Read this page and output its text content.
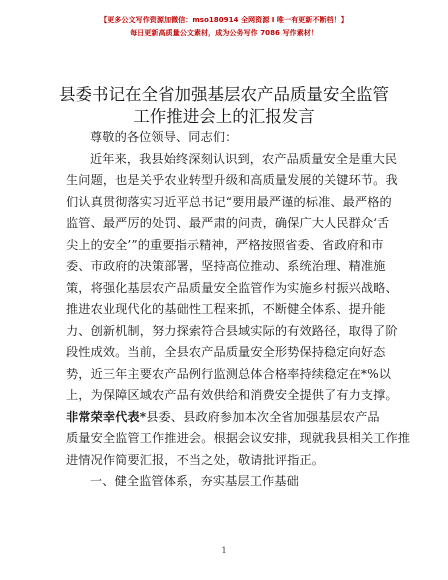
【更多公文写作资源加微信：mso180914 全网资源 I 唯一有更新不断档！】
每日更新高质量公文素材，成为公务写作 7086 写作素材！
县委书记在全省加强基层农产品质量安全监管
工作推进会上的汇报发言
尊敬的各位领导、同志们：
近年来，我县始终深刻认识到，农产品质量安全是重大民
生问题，也是关乎农业转型升级和高质量发展的关键环节。我
们认真贯彻落实习近平总书记“要用最严谨的标准、最严格的
监管、最严厉的处罚、最严肃的问责，确保广大人民群众‘舌
尖上的安全’”的重要指示精神，严格按照省委、省政府和市
委、市政府的决策部署，坚持高位推动、系统治理、精准施
策，将强化基层农产品质量安全监管作为实施乡村振兴战略、
推进农业现代化的基础性工程来抓，不断健全体系、提升能
力、创新机制，努力探索符合县域实际的有效路径，取得了阶
段性成效。当前，全县农产品质量安全形势保持稳定向好态
势，近三年主要农产品例行监测总体合格率持续稳定在*%以
上，为保障区域农产品有效供给和消费安全提供了有力支撑。
非常荣幸代表*县委、县政府参加本次全省加强基层农产品
质量安全监管工作推进会。根据会议安排，现就我县相关工作推
进情况作简要汇报，不当之处，敬请批评指正。
一、健全监管体系，夯实基层工作基础
1
